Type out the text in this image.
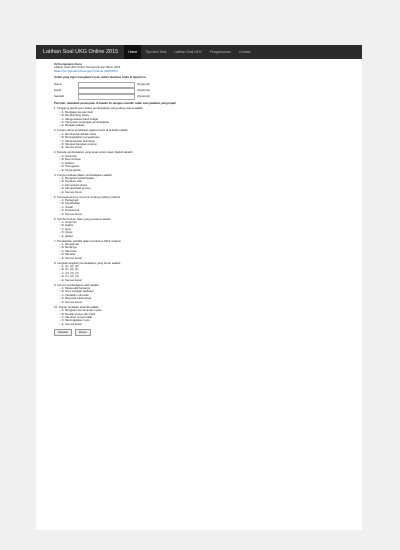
Latihan Soal UKG Online 2015	Home	Tips And Trick	Latihan Soal UKG	Pengumuman	Contact
Uji Kompetensi Guru
Latihan Soal UKG Online Sesuai Kisi-kisi Tahun 2015
Materi PAI Sekolah Menengah Pertama (SMP/MTs)
Untuk yang ingin mengikuti tryout, isikan identitas Anda di bawah ini.
Nama	(Opsional)
Email	(Opsional)
Sekolah	(Opsional)
Perintah: Jawablah pertanyaan di bawah ini dengan memilih salah satu jawaban yang tepat!
1. Tanggung jawab guru dalam pembelajaran yang paling utama adalah
○ A. Mengajar dengan baik
○ B. Membimbing siswa
○ C. Mengevaluasi hasil belajar
○ D. Menyusun perangkat pembelajaran
○ E. Menjadi teladan
2. Tujuan utama pendidikan agama Islam di sekolah adalah
○ A. Membentuk akhlak mulia
○ B. Meningkatkan pengetahuan
○ C. Menanamkan keimanan
○ D. Mengembangkan potensi
○ E. Semua benar
3. Metode pembelajaran yang tepat untuk materi ibadah adalah
○ A. Ceramah
○ B. Demonstrasi
○ C. Diskusi
○ D. Penugasan
○ E. Tanya jawab
4. Fungsi evaluasi dalam pembelajaran adalah
○ A. Mengukur keberhasilan
○ B. Memberi nilai
○ C. Memotivasi siswa
○ D. Memperbaiki proses
○ E. Semua benar
5. Kompetensi guru menurut undang-undang meliputi
○ A. Pedagogik
○ B. Kepribadian
○ C. Sosial
○ D. Profesional
○ E. Semua benar
6. Sumber hukum Islam yang pertama adalah
○ A. Al-Qur'an
○ B. Hadits
○ C. Ijma'
○ D. Qiyas
○ E. Ijtihad
7. Pendekatan saintifik dalam kurikulum 2013 meliputi
○ A. Mengamati
○ B. Menanya
○ C. Mencoba
○ D. Menalar
○ E. Semua benar
8. Langkah-langkah pembelajaran yang benar adalah
○ A. (1), (2), (3)
○ B. (1), (3), (4)
○ C. (2), (3), (4)
○ D. (1), (2), (4)
○ E. Semua benar
9. Ciri-ciri pembelajaran aktif adalah
○ A. Siswa aktif bertanya
○ B. Guru sebagai fasilitator
○ C. Interaksi multi arah
○ D. Berpusat pada siswa
○ E. Semua benar
10. Tujuan penilaian autentik adalah
○ A. Mengukur kemampuan nyata
○ B. Menilai proses dan hasil
○ C. Memberi umpan balik
○ D. Meningkatkan mutu
○ E. Semua benar
Selesai	Reset
